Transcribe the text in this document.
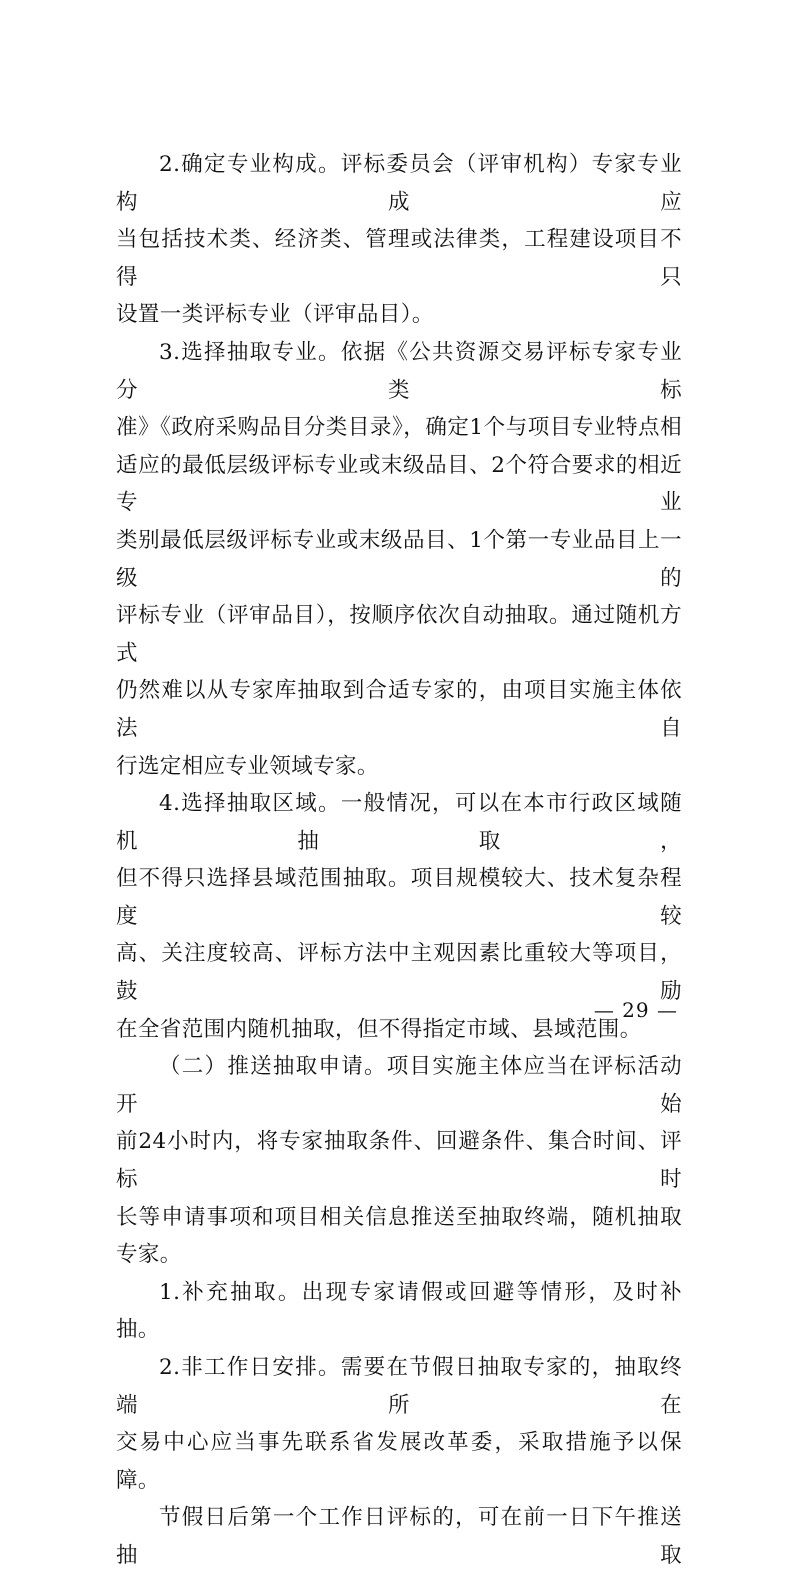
2.确定专业构成。评标委员会（评审机构）专家专业构成应
当包括技术类、经济类、管理或法律类，工程建设项目不得只
设置一类评标专业（评审品目）。

3.选择抽取专业。依据《公共资源交易评标专家专业分类标
准》《政府采购品目分类目录》，确定1个与项目专业特点相
适应的最低层级评标专业或末级品目、2个符合要求的相近专业
类别最低层级评标专业或末级品目、1个第一专业品目上一级的
评标专业（评审品目），按顺序依次自动抽取。通过随机方式
仍然难以从专家库抽取到合适专家的，由项目实施主体依法自
行选定相应专业领域专家。

4.选择抽取区域。一般情况，可以在本市行政区域随机抽取，
但不得只选择县域范围抽取。项目规模较大、技术复杂程度较
高、关注度较高、评标方法中主观因素比重较大等项目，鼓励
在全省范围内随机抽取，但不得指定市域、县域范围。

（二）推送抽取申请。项目实施主体应当在评标活动开始
前24小时内，将专家抽取条件、回避条件、集合时间、评标时
长等申请事项和项目相关信息推送至抽取终端，随机抽取专家。

1.补充抽取。出现专家请假或回避等情形，及时补抽。

2.非工作日安排。需要在节假日抽取专家的，抽取终端所在
交易中心应当事先联系省发展改革委，采取措施予以保障。

节假日后第一个工作日评标的，可在前一日下午推送抽取

— 29 —
